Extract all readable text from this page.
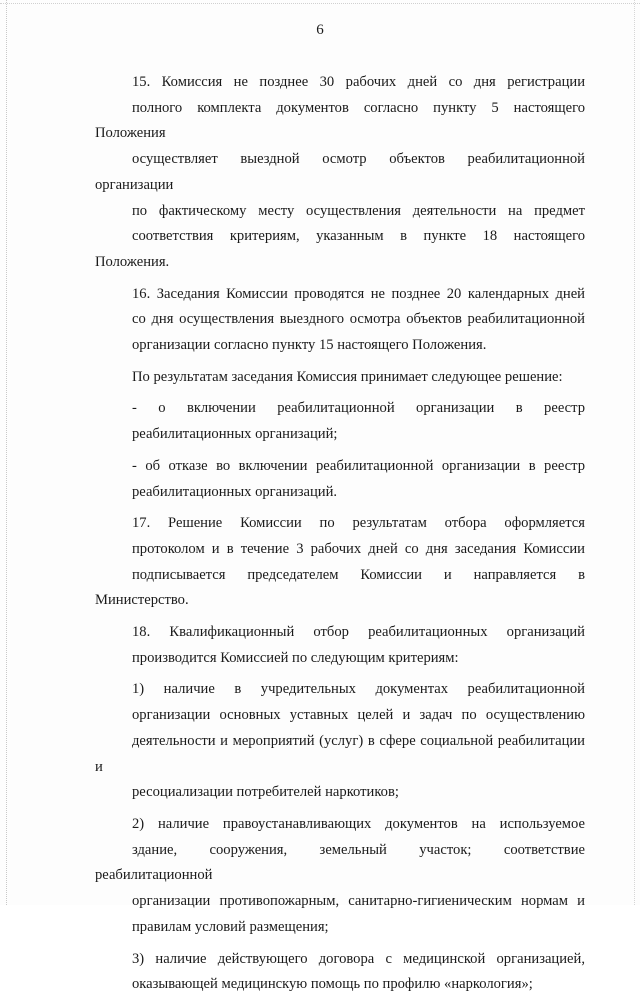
6

15. Комиссия не позднее 30 рабочих дней со дня регистрации
полного комплекта документов согласно пункту 5 настоящего Положения
осуществляет выездной осмотр объектов реабилитационной организации
по фактическому месту осуществления деятельности на предмет
соответствия критериям, указанным в пункте 18 настоящего Положения.

16. Заседания Комиссии проводятся не позднее 20 календарных дней
со дня осуществления выездного осмотра объектов реабилитационной
организации согласно пункту 15 настоящего Положения.

По результатам заседания Комиссия принимает следующее решение:

- о включении реабилитационной организации в реестр
реабилитационных организаций;

- об отказе во включении реабилитационной организации в реестр
реабилитационных организаций.

17. Решение Комиссии по результатам отбора оформляется
протоколом и в течение 3 рабочих дней со дня заседания Комиссии
подписывается председателем Комиссии и направляется в Министерство.

18. Квалификационный отбор реабилитационных организаций
производится Комиссией по следующим критериям:

1) наличие в учредительных документах реабилитационной
организации основных уставных целей и задач по осуществлению
деятельности и мероприятий (услуг) в сфере социальной реабилитации и
ресоциализации потребителей наркотиков;

2) наличие правоустанавливающих документов на используемое
здание, сооружения, земельный участок; соответствие реабилитационной
организации противопожарным, санитарно-гигиеническим нормам и
правилам условий размещения;

3) наличие действующего договора с медицинской организацией,
оказывающей медицинскую помощь по профилю «наркология»;
